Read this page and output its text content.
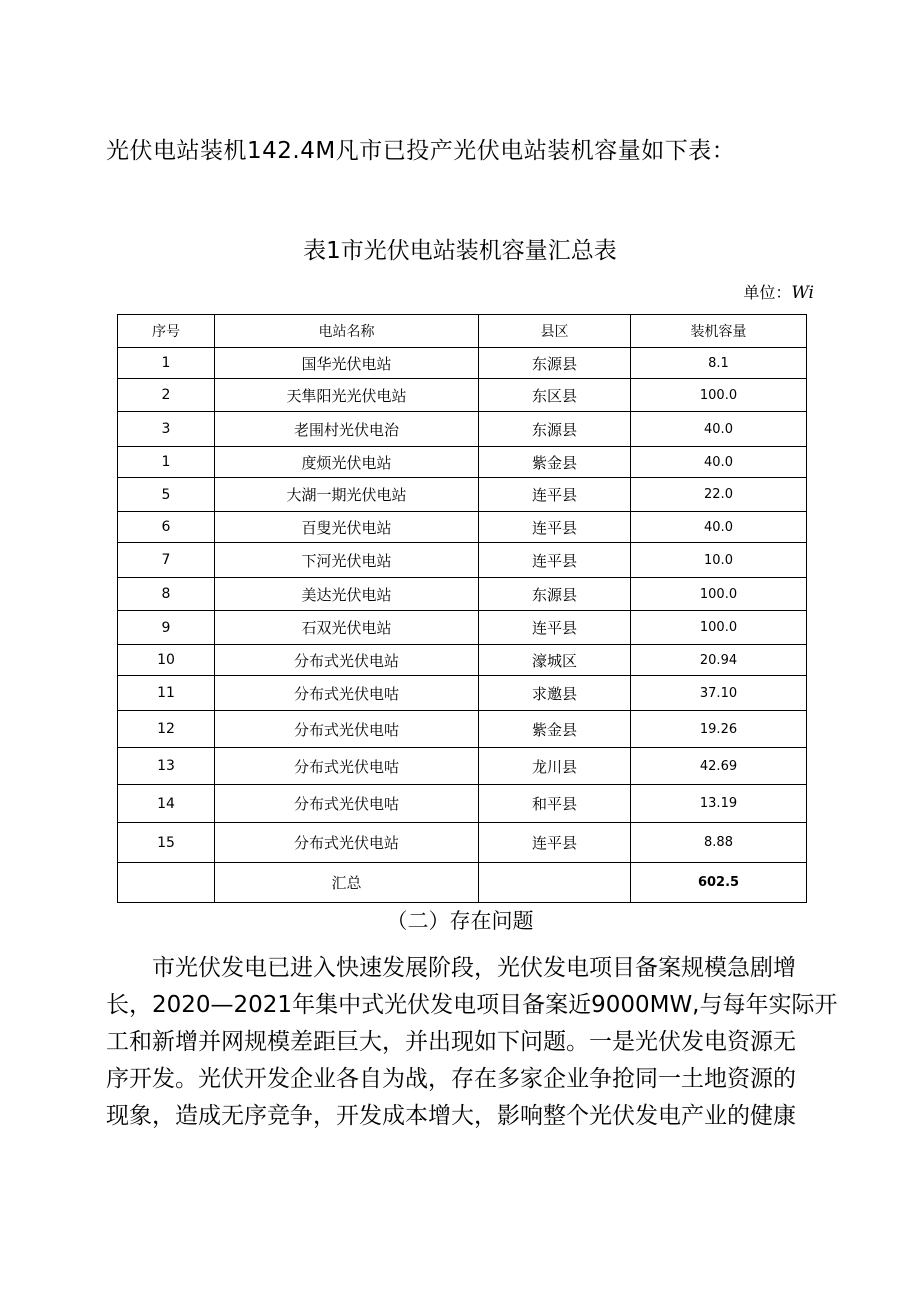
光伏电站装机142.4M凡市已投产光伏电站装机容量如下表：
表1市光伏电站装机容量汇总表
单位：Wi
序号	电站名称	县区	装机容量
1	国华光伏电站	东源县	8.1
2	天隼阳光光伏电站	东区县	100.0
3	老围村光伏电治	东源县	40.0
1	度烦光伏电站	紫金县	40.0
5	大湖一期光伏电站	连平县	22.0
6	百叟光伏电站	连平县	40.0
7	下河光伏电站	连平县	10.0
8	美达光伏电站	东源县	100.0
9	石双光伏电站	连平县	100.0
10	分布式光伏电站	濠城区	20.94
11	分布式光伏电咕	求邀县	37.10
12	分布式光伏电咕	紫金县	19.26
13	分布式光伏电咕	龙川县	42.69
14	分布式光伏电咕	和平县	13.19
15	分布式光伏电站	连平县	8.88
	汇总		602.5
（二）存在问题
市光伏发电已进入快速发展阶段，光伏发电项目备案规模急剧增
长，2020—2021年集中式光伏发电项目备案近9000MW,与每年实际开
工和新增并网规模差距巨大，并出现如下问题。一是光伏发电资源无
序开发。光伏开发企业各自为战，存在多家企业争抢同一土地资源的
现象，造成无序竞争，开发成本增大，影响整个光伏发电产业的健康
